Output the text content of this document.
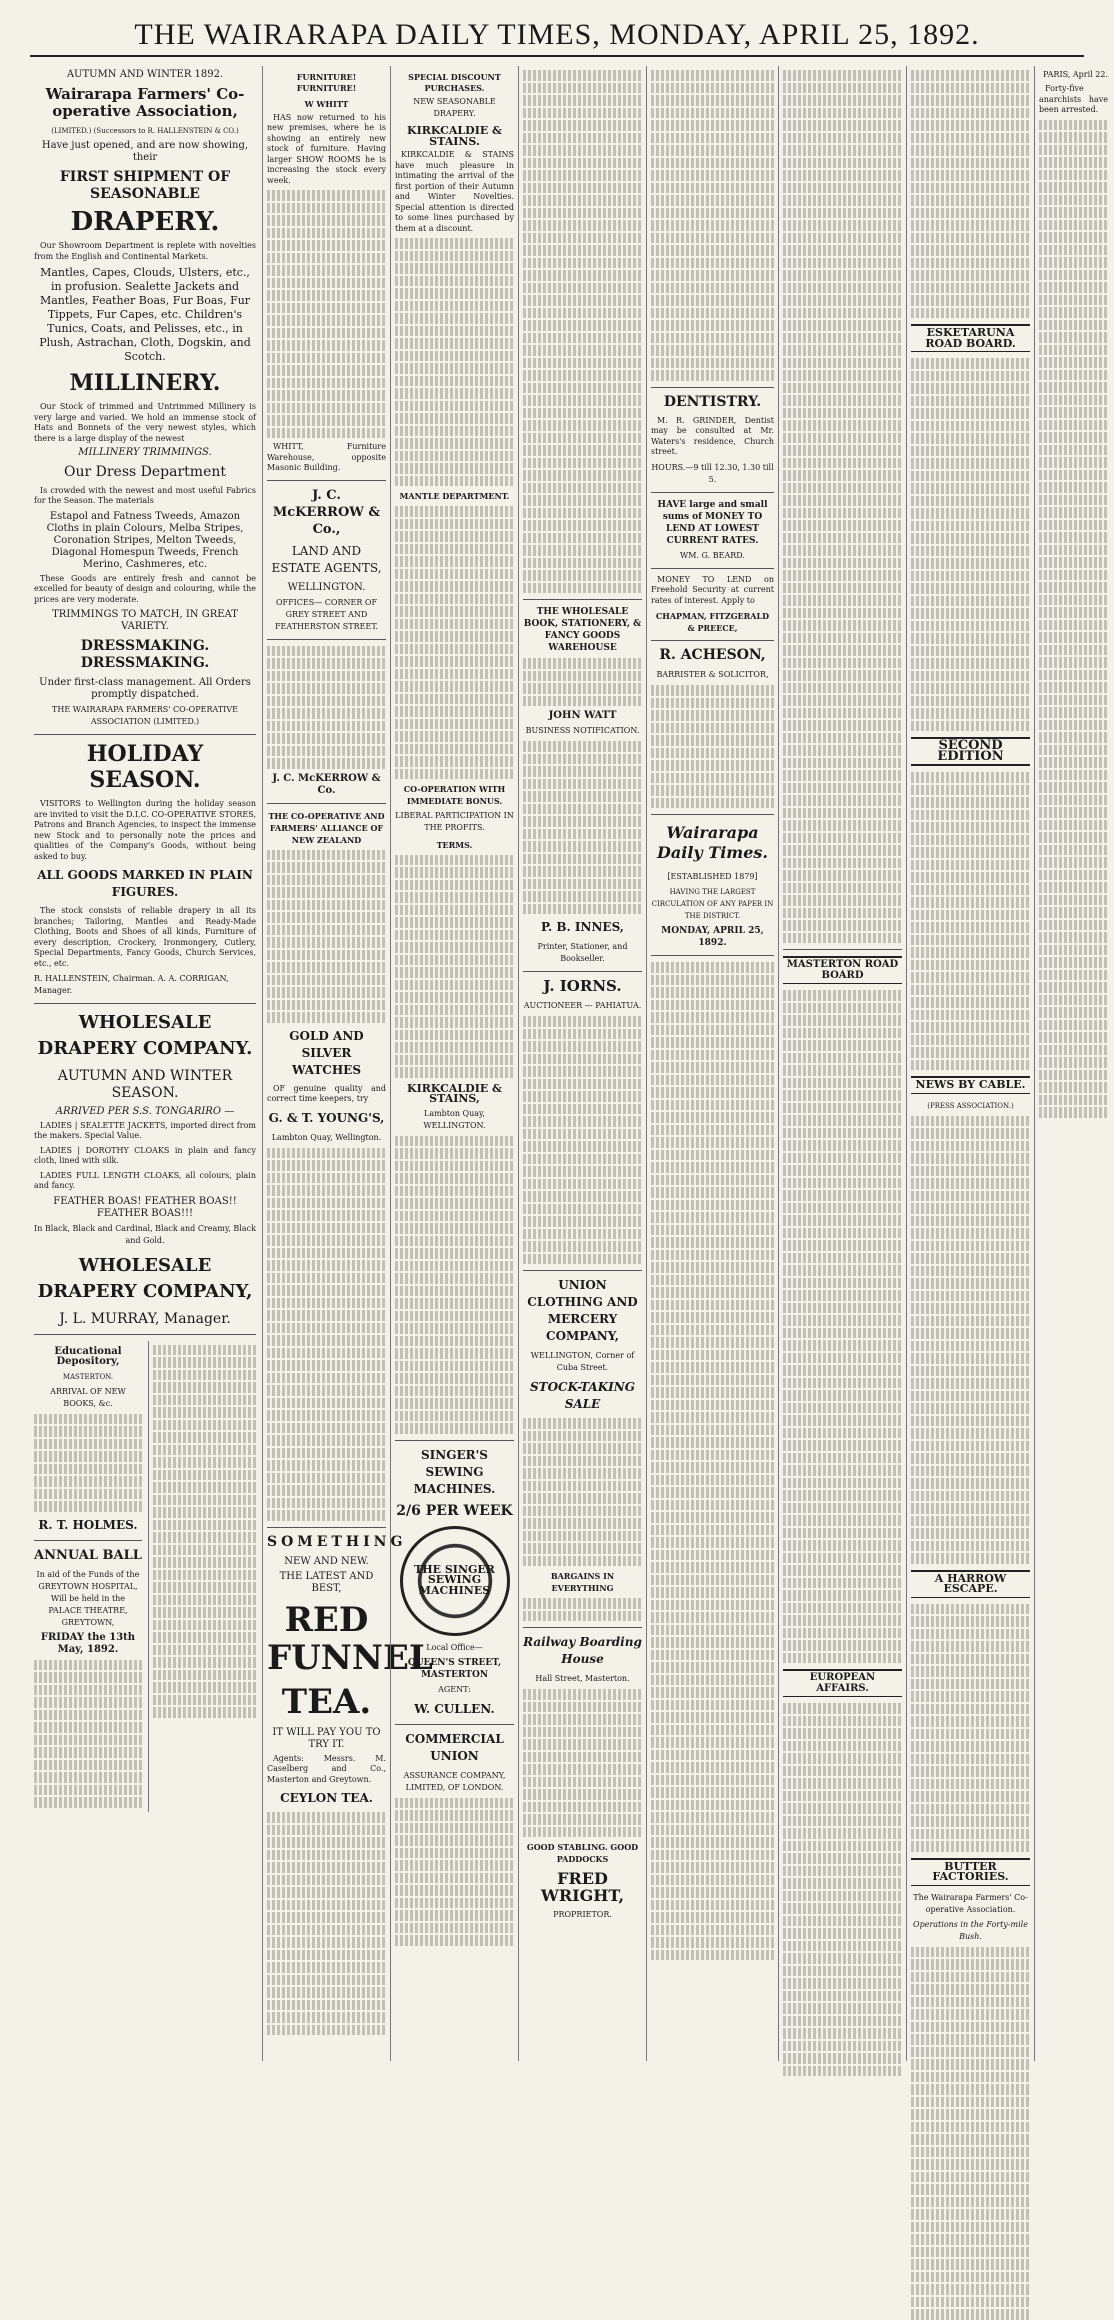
THE WAIRARAPA DAILY TIMES, MONDAY, APRIL 25, 1892.
AUTUMN AND WINTER 1892.
Wairarapa Farmers' Co-operative Association,
(LIMITED.) (Successors to R. HALLENSTEIN & CO.)
Have just opened, and are now showing, their
FIRST SHIPMENT OF SEASONABLE
DRAPERY.

Our Showroom Department is replete with novelties from the English and Continental Markets.

Mantles, Capes, Clouds, Ulsters, etc., in profusion. Sealette Jackets and Mantles, Feather Boas, Fur Boas, Fur Tippets, Fur Capes, etc. Children's Tunics, Coats, and Pelisses, etc., in Plush, Astrachan, Cloth, Dogskin, and Scotch.
MILLINERY.

Our Stock of trimmed and Untrimmed Millinery is very large and varied. We hold an immense stock of Hats and Bonnets of the very newest styles, which there is a large display of the newest

MILLINERY TRIMMINGS.
Our Dress Department

Is crowded with the newest and most useful Fabrics for the Season. The materials

Estapol and Fatness Tweeds, Amazon Cloths in plain Colours, Melba Stripes, Coronation Stripes, Melton Tweeds, Diagonal Homespun Tweeds, French Merino, Cashmeres, etc.

These Goods are entirely fresh and cannot be excelled for beauty of design and colouring, while the prices are very moderate.

TRIMMINGS TO MATCH, IN GREAT VARIETY.
DRESSMAKING. DRESSMAKING.
Under first-class management. All Orders promptly dispatched.
THE WAIRARAPA FARMERS' CO-OPERATIVE ASSOCIATION (LIMITED.)
HOLIDAY SEASON.

VISITORS to Wellington during the holiday season are invited to visit the D.I.C. CO-OPERATIVE STORES, Patrons and Branch Agencies, to inspect the immense new Stock and to personally note the prices and qualities of the Company's Goods, without being asked to buy.

ALL GOODS MARKED IN PLAIN FIGURES.

The stock consists of reliable drapery in all its branches; Tailoring, Mantles and Ready-Made Clothing, Boots and Shoes of all kinds, Furniture of every description, Crockery, Ironmongery, Cutlery, Special Departments, Fancy Goods, Church Services, etc., etc.

R. HALLENSTEIN, Chairman. A. A. CORRIGAN, Manager.
WHOLESALE DRAPERY COMPANY.
AUTUMN AND WINTER SEASON.
ARRIVED PER S.S. TONGARIRO —

LADIES | SEALETTE JACKETS, imported direct from the makers. Special Value.

LADIES | DOROTHY CLOAKS in plain and fancy cloth, lined with silk.

LADIES FULL LENGTH CLOAKS, all colours, plain and fancy.

FEATHER BOAS! FEATHER BOAS!! FEATHER BOAS!!!
In Black, Black and Cardinal, Black and Creamy, Black and Gold.
WHOLESALE DRAPERY COMPANY,
J. L. MURRAY, Manager.
Educational Depository,
MASTERTON.
ARRIVAL OF NEW BOOKS, &c.
R. T. HOLMES.
ANNUAL BALL
In aid of the Funds of the GREYTOWN HOSPITAL, Will be held in the PALACE THEATRE, GREYTOWN,
FRIDAY the 13th May, 1892.
FURNITURE! FURNITURE!
W WHITT

HAS now returned to his new premises, where he is showing an entirely new stock of furniture. Having larger SHOW ROOMS he is increasing the stock every week.

WHITT, Furniture Warehouse, opposite Masonic Building.

J. C. McKERROW & Co.,
LAND AND ESTATE AGENTS,
WELLINGTON.
OFFICES— CORNER OF GREY STREET AND FEATHERSTON STREET.
J. C. McKERROW & Co.
THE CO-OPERATIVE AND FARMERS' ALLIANCE OF NEW ZEALAND
GOLD AND SILVER WATCHES

OF genuine quality and correct time keepers, try

G. & T. YOUNG'S,
Lambton Quay, Wellington.
SOMETHING
NEW AND NEW.
THE LATEST AND BEST,
RED FUNNEL
TEA.
IT WILL PAY YOU TO TRY IT.

Agents: Messrs. M. Caselberg and Co., Masterton and Greytown.

CEYLON TEA.
SPECIAL DISCOUNT PURCHASES.
NEW SEASONABLE DRAPERY.
KIRKCALDIE & STAINS.

KIRKCALDIE & STAINS have much pleasure in intimating the arrival of the first portion of their Autumn and Winter Novelties. Special attention is directed to some lines purchased by them at a discount.

MANTLE DEPARTMENT.
CO-OPERATION WITH IMMEDIATE BONUS.
LIBERAL PARTICIPATION IN THE PROFITS.
TERMS.
KIRKCALDIE & STAINS,
Lambton Quay, WELLINGTON.
SINGER'S SEWING MACHINES.
2/6 PER WEEK
THE SINGER SEWING MACHINES
Local Office—
QUEEN'S STREET, MASTERTON
AGENT:
W. CULLEN.
COMMERCIAL UNION
ASSURANCE COMPANY, LIMITED, OF LONDON.
THE WHOLESALE BOOK, STATIONERY, & FANCY GOODS WAREHOUSE
JOHN WATT
BUSINESS NOTIFICATION.
P. B. INNES,
Printer, Stationer, and Bookseller.
J. IORNS.
AUCTIONEER — PAHIATUA.
UNION CLOTHING AND MERCERY COMPANY,
WELLINGTON, Corner of Cuba Street.
STOCK-TAKING SALE
BARGAINS IN EVERYTHING
Railway Boarding House
Hall Street, Masterton.
GOOD STABLING. GOOD PADDOCKS
FRED WRIGHT,
PROPRIETOR.
DENTISTRY.

M. R. GRINDER, Dentist may be consulted at Mr. Waters's residence, Church street.

HOURS.—9 till 12.30, 1.30 till 5.
HAVE large and small sums of MONEY TO LEND AT LOWEST CURRENT RATES.
WM. G. BEARD.

MONEY TO LEND on Freehold Security at current rates of interest. Apply to

CHAPMAN, FITZGERALD & PREECE,
R. ACHESON,
BARRISTER & SOLICITOR,
Wairarapa Daily Times.
[ESTABLISHED 1879]
HAVING THE LARGEST CIRCULATION OF ANY PAPER IN THE DISTRICT.
MONDAY, APRIL 25, 1892.
MASTERTON ROAD BOARD
EUROPEAN AFFAIRS.
ESKETARUNA ROAD BOARD.
SECOND EDITION
NEWS BY CABLE.
(PRESS ASSOCIATION.)
A HARROW ESCAPE.
BUTTER FACTORIES.
The Wairarapa Farmers' Co-operative Association.
Operations in the Forty-mile Bush.
PARIS, April 22.

Forty-five anarchists have been arrested.
